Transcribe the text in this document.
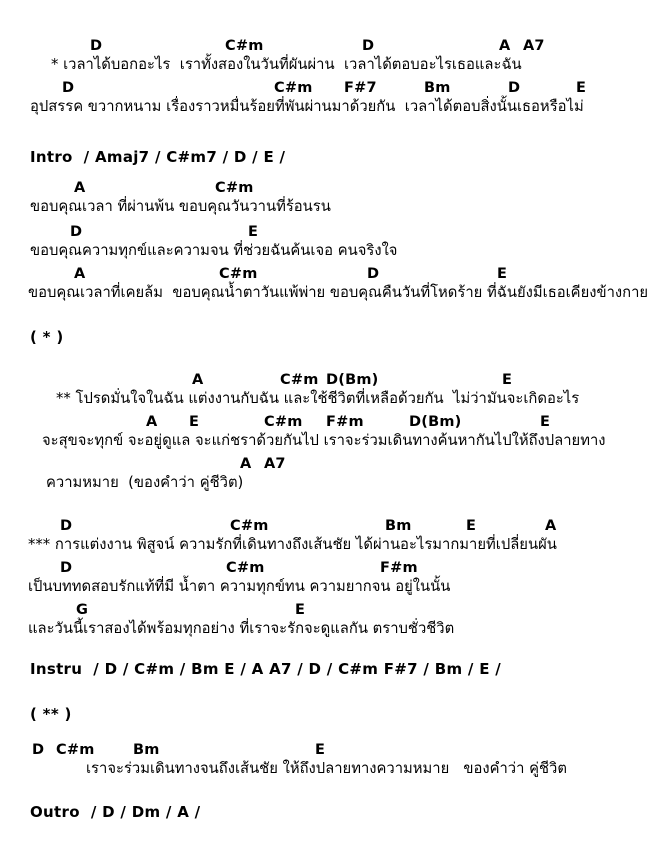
D	C#m	D	A A7
* เวลาได้บอกอะไร  เราทั้งสองในวันที่ผันผ่าน  เวลาได้ตอบอะไรเธอและฉัน
D	C#m F#7	Bm	D	E
อุปสรรค ขวากหนาม เรื่องราวหมื่นร้อยที่พันผ่านมาด้วยกัน  เวลาได้ตอบสิ่งนั้นเธอหรือไม่
Intro  / Amaj7 / C#m7 / D / E /
A	C#m
ขอบคุณเวลา ที่ผ่านพ้น ขอบคุณวันวานที่ร้อนรน
D	E
ขอบคุณความทุกข์และความจน ที่ช่วยฉันค้นเจอ คนจริงใจ
A	C#m	D	E
ขอบคุณเวลาที่เคยล้ม  ขอบคุณน้ำตาวันแพ้พ่าย ขอบคุณคืนวันที่โหดร้าย ที่ฉันยังมีเธอเคียงข้างกาย
( * )
A	C#m D(Bm)	E
** โปรดมั่นใจในฉัน แต่งงานกับฉัน และใช้ชีวิตที่เหลือด้วยกัน  ไม่ว่ามันจะเกิดอะไร
A E	C#m F#m	D(Bm)	E
จะสุขจะทุกข์ จะอยู่ดูแล จะแก่ชราด้วยกันไป เราจะร่วมเดินทางค้นหากันไปให้ถึงปลายทาง
A A7
ความหมาย  (ของคำว่า คู่ชีวิต)
D	C#m	Bm	E	A
*** การแต่งงาน พิสูจน์ ความรักที่เดินทางถึงเส้นชัย ได้ผ่านอะไรมากมายที่เปลี่ยนผัน
D	C#m	F#m
เป็นบททดสอบรักแท้ที่มี น้ำตา ความทุกข์ทน ความยากจน อยู่ในนั้น
G	E
และวันนี้เราสองได้พร้อมทุกอย่าง ที่เราจะรักจะดูแลกัน ตราบชั่วชีวิต
Instru  / D / C#m / Bm E / A A7 / D / C#m F#7 / Bm / E /
( ** )
D C#m	Bm	E
เราจะร่วมเดินทางจนถึงเส้นชัย ให้ถึงปลายทางความหมาย   ของคำว่า คู่ชีวิต
Outro  / D / Dm / A /
